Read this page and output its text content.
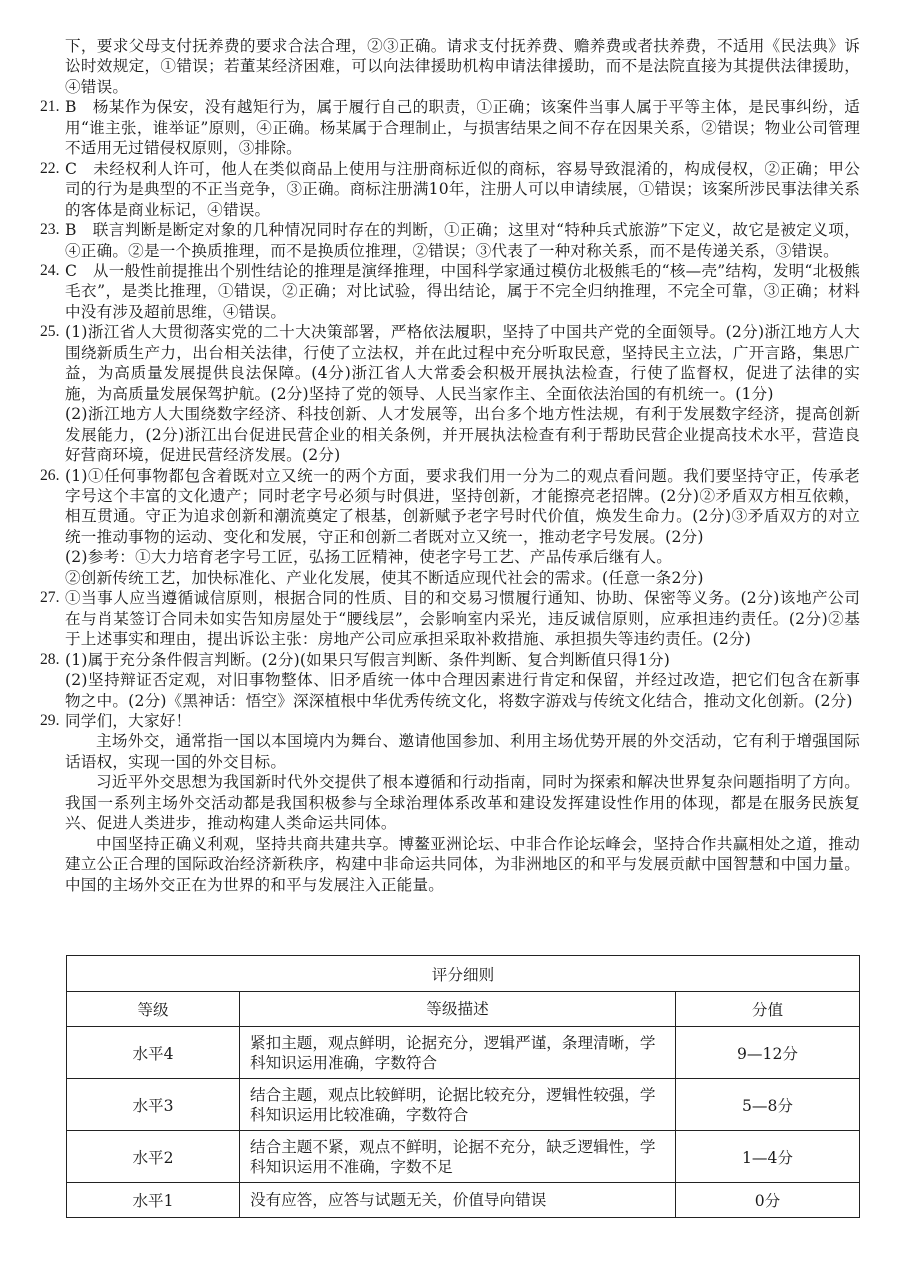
下，要求父母支付抚养费的要求合法合理，②③正确。请求支付抚养费、赡养费或者扶养费，不适用《民法典》诉讼时效规定，①错误；若董某经济困难，可以向法律援助机构申请法律援助，而不是法院直接为其提供法律援助，④错误。
21. B　杨某作为保安，没有越矩行为，属于履行自己的职责，①正确；该案件当事人属于平等主体，是民事纠纷，适用“谁主张，谁举证”原则，④正确。杨某属于合理制止，与损害结果之间不存在因果关系，②错误；物业公司管理不适用无过错侵权原则，③排除。
22. C　未经权利人许可，他人在类似商品上使用与注册商标近似的商标，容易导致混淆的，构成侵权，②正确；甲公司的行为是典型的不正当竞争，③正确。商标注册满10年，注册人可以申请续展，①错误；该案所涉民事法律关系的客体是商业标记，④错误。
23. B　联言判断是断定对象的几种情况同时存在的判断，①正确；这里对“特种兵式旅游”下定义，故它是被定义项，④正确。②是一个换质推理，而不是换质位推理，②错误；③代表了一种对称关系，而不是传递关系，③错误。
24. C　从一般性前提推出个别性结论的推理是演绎推理，中国科学家通过模仿北极熊毛的“核—壳”结构，发明“北极熊毛衣”，是类比推理，①错误，②正确；对比试验，得出结论，属于不完全归纳推理，不完全可靠，③正确；材料中没有涉及超前思维，④错误。
25. (1)浙江省人大贯彻落实党的二十大决策部署，严格依法履职，坚持了中国共产党的全面领导。(2分)浙江地方人大围绕新质生产力，出台相关法律，行使了立法权，并在此过程中充分听取民意，坚持民主立法，广开言路，集思广益，为高质量发展提供良法保障。(4分)浙江省人大常委会积极开展执法检查，行使了监督权，促进了法律的实施，为高质量发展保驾护航。(2分)坚持了党的领导、人民当家作主、全面依法治国的有机统一。(1分)
(2)浙江地方人大围绕数字经济、科技创新、人才发展等，出台多个地方性法规，有利于发展数字经济，提高创新发展能力，(2分)浙江出台促进民营企业的相关条例，并开展执法检查有利于帮助民营企业提高技术水平，营造良好营商环境，促进民营经济发展。(2分)
26. (1)①任何事物都包含着既对立又统一的两个方面，要求我们用一分为二的观点看问题。我们要坚持守正，传承老字号这个丰富的文化遗产；同时老字号必须与时俱进，坚持创新，才能擦亮老招牌。(2分)②矛盾双方相互依赖，相互贯通。守正为追求创新和潮流奠定了根基，创新赋予老字号时代价值，焕发生命力。(2分)③矛盾双方的对立统一推动事物的运动、变化和发展，守正和创新二者既对立又统一，推动老字号发展。(2分)
(2)参考：①大力培育老字号工匠，弘扬工匠精神，使老字号工艺、产品传承后继有人。
②创新传统工艺，加快标准化、产业化发展，使其不断适应现代社会的需求。(任意一条2分)
27. ①当事人应当遵循诚信原则，根据合同的性质、目的和交易习惯履行通知、协助、保密等义务。(2分)该地产公司在与肖某签订合同未如实告知房屋处于“腰线层”，会影响室内采光，违反诚信原则，应承担违约责任。(2分)②基于上述事实和理由，提出诉讼主张：房地产公司应承担采取补救措施、承担损失等违约责任。(2分)
28. (1)属于充分条件假言判断。(2分)(如果只写假言判断、条件判断、复合判断值只得1分)
(2)坚持辩证否定观，对旧事物整体、旧矛盾统一体中合理因素进行肯定和保留，并经过改造，把它们包含在新事物之中。(2分)《黑神话：悟空》深深植根中华优秀传统文化，将数字游戏与传统文化结合，推动文化创新。(2分)
29. 同学们，大家好！
主场外交，通常指一国以本国境内为舞台、邀请他国参加、利用主场优势开展的外交活动，它有利于增强国际话语权，实现一国的外交目标。
习近平外交思想为我国新时代外交提供了根本遵循和行动指南，同时为探索和解决世界复杂问题指明了方向。我国一系列主场外交活动都是我国积极参与全球治理体系改革和建设发挥建设性作用的体现，都是在服务民族复兴、促进人类进步，推动构建人类命运共同体。
中国坚持正确义利观，坚持共商共建共享。博鳌亚洲论坛、中非合作论坛峰会，坚持合作共赢相处之道，推动建立公正合理的国际政治经济新秩序，构建中非命运共同体，为非洲地区的和平与发展贡献中国智慧和中国力量。中国的主场外交正在为世界的和平与发展注入正能量。
评分细则		
等级	等级描述	分值
水平4	紧扣主题，观点鲜明，论据充分，逻辑严谨，条理清晰，学科知识运用准确，字数符合	9—12分
水平3	结合主题，观点比较鲜明，论据比较充分，逻辑性较强，学科知识运用比较准确，字数符合	5—8分
水平2	结合主题不紧，观点不鲜明，论据不充分，缺乏逻辑性，学科知识运用不准确，字数不足	1—4分
水平1	没有应答，应答与试题无关，价值导向错误	0分
